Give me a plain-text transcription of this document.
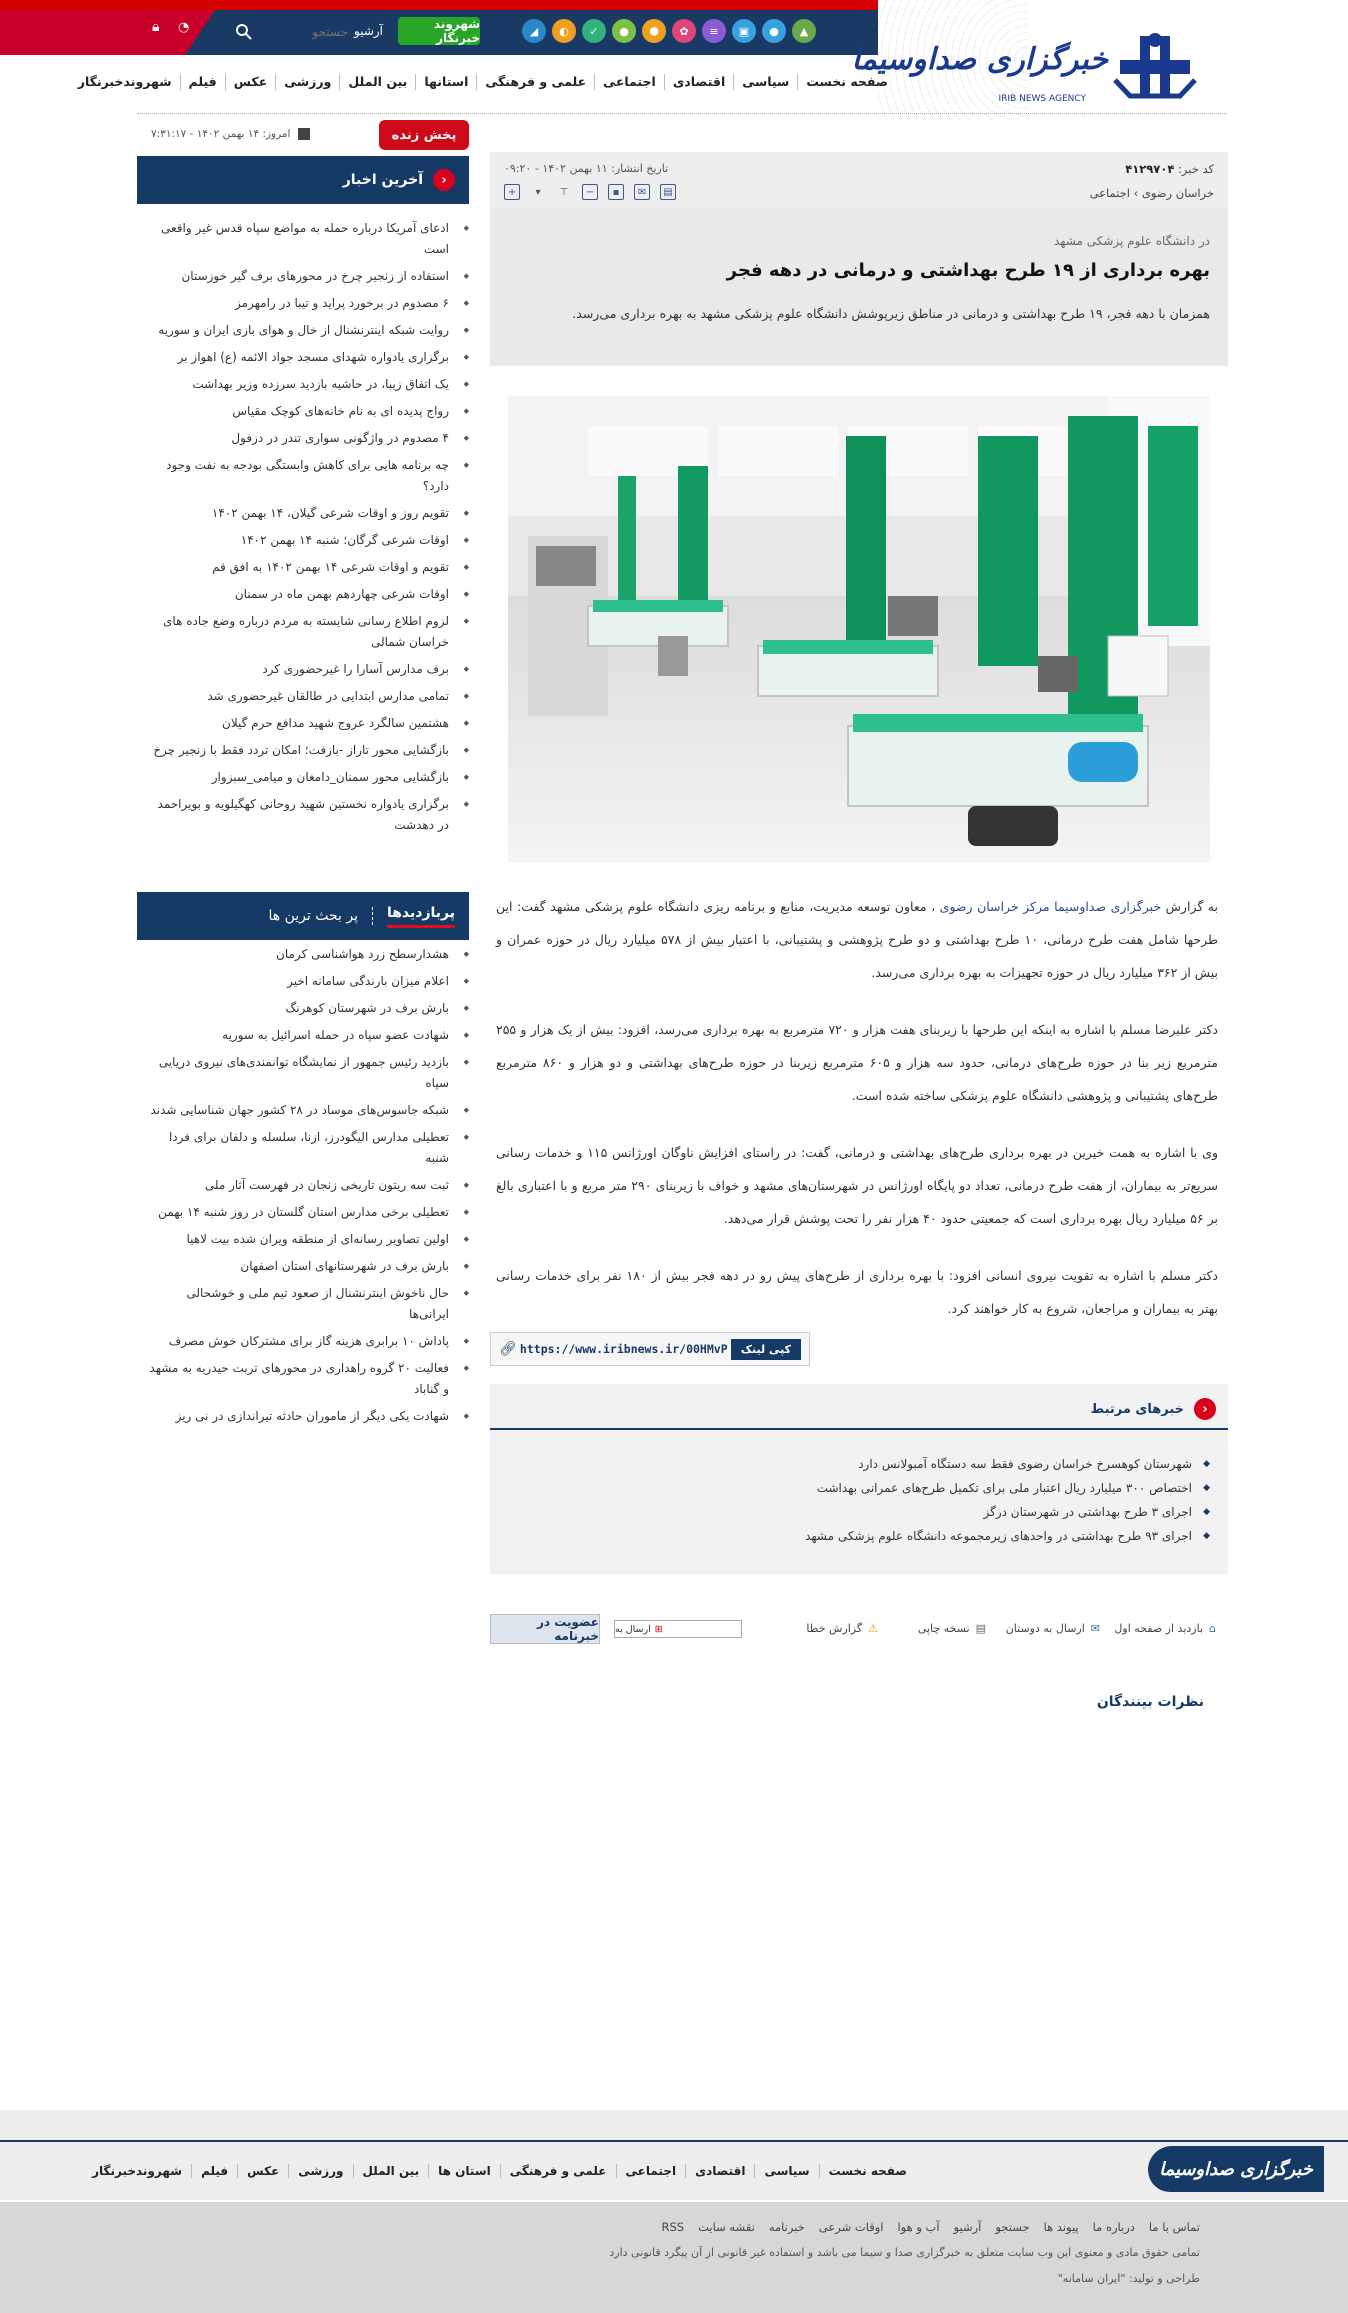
خبرگزاری صداوسیما
IRIB NEWS AGENCY
▲
●
▣
≡
✿
⬢
●
✓
◐
◢
شهروند خبرنگار
آرشیو
جستجو
◔
🔒︎
صفحه نخست
سیاسی
اقتصادی
اجتماعی
علمی و فرهنگی
استانها
بین الملل
ورزشی
عکس
فیلم
شهروندخبرنگار
پخش زنده
امروز: ۱۴ بهمن ۱۴۰۲ - ۷:۳۱:۱۷
‹
آخرین اخبار
◆ ادعای آمریکا درباره حمله به مواضع سپاه قدس غیر واقعی است
◆ استفاده از زنجیر چرخ در محورهای برف گیر خوزستان
◆ ۶ مصدوم در برخورد پراید و تیبا در رامهرمز
◆ روایت شبکه اینترنشنال از خال و هوای بازی ایران و سوریه
◆ برگزاری یادواره شهدای مسجد جواد الائمه (ع) اهواز بر
◆ یک اتفاق زیبا، در حاشیه بازدید سرزده وزیر بهداشت
◆ رواج پدیده ای به نام خانه‌های کوچک مقیاس
◆ ۴ مصدوم در واژگونی سواری تندر در دزفول
◆ چه برنامه هایی برای کاهش وابستگی بودجه به نفت وجود دارد؟
◆ تقویم روز و اوقات شرعی گیلان، ۱۴ بهمن ۱۴۰۲
◆ اوقات شرعی گرگان؛ شنبه ۱۴ بهمن ۱۴۰۲
◆ تقویم و اوقات شرعی ۱۴ بهمن ۱۴۰۲ به افق قم
◆ اوقات شرعی چهاردهم بهمن ماه در سمنان
◆ لزوم اطلاع رسانی شایسته به مردم درباره وضع جاده های خراسان شمالی
◆ برف مدارس آسارا را غیرحضوری کرد
◆ تمامی مدارس ابتدایی در طالقان غیرحضوری شد
◆ هشتمین سالگرد عروج شهید مدافع حرم گیلان
◆ بازگشایی محور تاراز -بازفت؛ امکان تردد فقط با زنجیر چرخ
◆ بازگشایی محور سمنان_دامغان و میامی_سبزوار
◆ برگزاری یادواره نخستین شهید روحانی کهگیلویه و بویراحمد در دهدشت
پربازدیدها
پر بحث ترین ها
◆ هشدارسطح زرد هواشناسی کرمان
◆ اعلام میزان بارندگی سامانه اخیر
◆ بارش برف در شهرستان کوهرنگ
◆ شهادت عضو سپاه در حمله اسرائیل به سوریه
◆ بازدید رئیس جمهور از نمایشگاه توانمندی‌های نیروی دریایی سپاه
◆ شبکه جاسوس‌های موساد در ۲۸ کشور جهان شناسایی شدند
◆ تعطیلی مدارس الیگودرز، ازنا، سلسله و دلفان برای فردا شنبه
◆ ثبت سه ریتون تاریخی زنجان در فهرست آثار ملی
◆ تعطیلی برخی مدارس استان گلستان در روز شنبه ۱۴ بهمن
◆ اولین تصاویر رسانه‌ای از منطقه ویران شده بیت لاهیا
◆ بارش برف در شهرستانهای استان اصفهان
◆ حال ناخوش اینترنشنال از صعود تیم ملی و خوشحالی ایرانی‌ها
◆ پاداش ۱۰ برابری هزینه گاز برای مشترکان خوش مصرف
◆ فعالیت ۲۰ گروه راهداری در محورهای تربت حیدریه به مشهد و گناباد
◆ شهادت یکی دیگر از ماموران حادثه تیراندازی در نی ریز
کد خبر: ۴۱۲۹۷۰۴
تاریخ انتشار: ۱۱ بهمن ۱۴۰۲ - ۰۹:۲۰
خراسان رضوی › اجتماعی
▤
✉
▪
−
⊤
▾
+
در دانشگاه علوم پزشکی مشهد
بهره برداری از ۱۹ طرح بهداشتی و درمانی در دهه فجر
همزمان با دهه فجر، ۱۹ طرح بهداشتی و درمانی در مناطق زیرپوشش دانشگاه علوم پزشکی مشهد به بهره برداری می‌رسد.

به گزارش خبرگزاری صداوسیما مرکز خراسان رضوی ، معاون توسعه مدیریت، منابع و برنامه ریزی دانشگاه علوم پزشکی مشهد گفت: این طرحها شامل هفت طرح درمانی، ۱۰ طرح بهداشتی و دو طرح پژوهشی و پشتیبانی، با اعتبار بیش از ۵۷۸ میلیارد ریال در حوزه عمران و بیش از ۳۶۲ میلیارد ریال در حوزه تجهیزات به بهره برداری می‌رسد.

دکتر علیرضا مسلم با اشاره به اینکه این طرحها با زیربنای هفت هزار و ۷۲۰ مترمربع به بهره برداری می‌رسد، افزود: بیش از یک هزار و ۲۵۵ مترمربع زیر بنا در حوزه طرح‌های درمانی، حدود سه هزار و ۶۰۵ مترمربع زیربنا در حوزه طرح‌های بهداشتی و دو هزار و ۸۶۰ مترمربع طرح‌های پشتیبانی و پژوهشی دانشگاه علوم پزشکی ساخته شده است.

وی با اشاره به همت خیرین در بهره برداری طرح‌های بهداشتی و درمانی، گفت: در راستای افزایش ناوگان اورژانس ۱۱۵ و خدمات رسانی سریع‌تر به بیماران، از هفت طرح درمانی، تعداد دو پایگاه اورژانس در شهرستان‌های مشهد و خواف با زیربنای ۲۹۰ متر مربع و با اعتباری بالغ بر ۵۶ میلیارد ریال بهره برداری است که جمعیتی حدود ۴۰ هزار نفر را تحت پوشش قرار می‌دهد.

دکتر مسلم با اشاره به تقویت نیروی انسانی افزود: با بهره برداری از طرح‌های پیش رو در دهه فجر بیش از ۱۸۰ نفر برای خدمات رسانی بهتر به بیماران و مراجعان، شروع به کار خواهند کرد.

کپی لینک
https://www.iribnews.ir/00HMvP
🔗︎
‹
خبرهای مرتبط
◆ شهرستان کوهسرخ خراسان رضوی فقط سه دستگاه آمبولانس دارد
◆ اختصاص ۳۰۰ میلیارد ریال اعتبار ملی برای تکمیل طرح‌های عمرانی بهداشت
◆ اجرای ۳ طرح بهداشتی در شهرستان درگز
◆ اجرای ۹۳ طرح بهداشتی در واحدهای زیرمجموعه دانشگاه علوم پزشکی مشهد
⌂
بازدید از صفحه اول
✉
ارسال به دوستان
▤
نسخه چاپی
⚠
گزارش خطا
⊞
ارسال به
عضویت در خبرنامه
نظرات بینندگان
خبرگزاری صداوسیما
صفحه نخست
سیاسی
اقتصادی
اجتماعی
علمی و فرهنگی
استان ها
بین الملل
ورزشی
عکس
فیلم
شهروندخبرنگار
تماس با ما
درباره ما
پیوند ها
جستجو
آرشیو
آب و هوا
اوقات شرعی
خبرنامه
نقشه سایت
RSS
تمامی حقوق مادی و معنوی این وب سایت متعلق به خبرگزاری صدا و سیما می باشد و استفاده غیر قانونی از آن پیگرد قانونی دارد
طراحی و تولید: "ایران سامانه"
